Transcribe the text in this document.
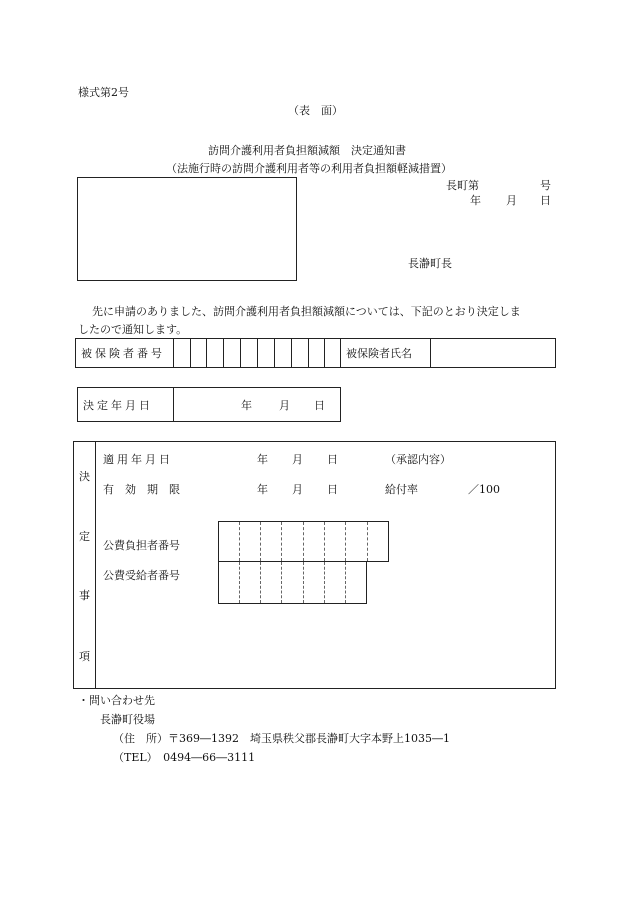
様式第2号
（表　面）
訪問介護利用者負担額減額　決定通知書
（法施行時の訪問介護利用者等の利用者負担額軽減措置）
長町第	号
年 月 日
長瀞町長
先に申請のありました、訪問介護利用者負担額減額については、下記のとおり決定しま
したので通知します。
被保険者番号	被保険者氏名
決定年月日	年 月 日
決
定
事
項
適用年月日	年 月 日	（承認内容）
有　効　期　限	年 月 日	給付率	／100
公費負担者番号
公費受給者番号
・問い合わせ先
長瀞町役場
（住　所）〒369―1392　埼玉県秩父郡長瀞町大字本野上1035―1
（TEL）　0494―66―3111
